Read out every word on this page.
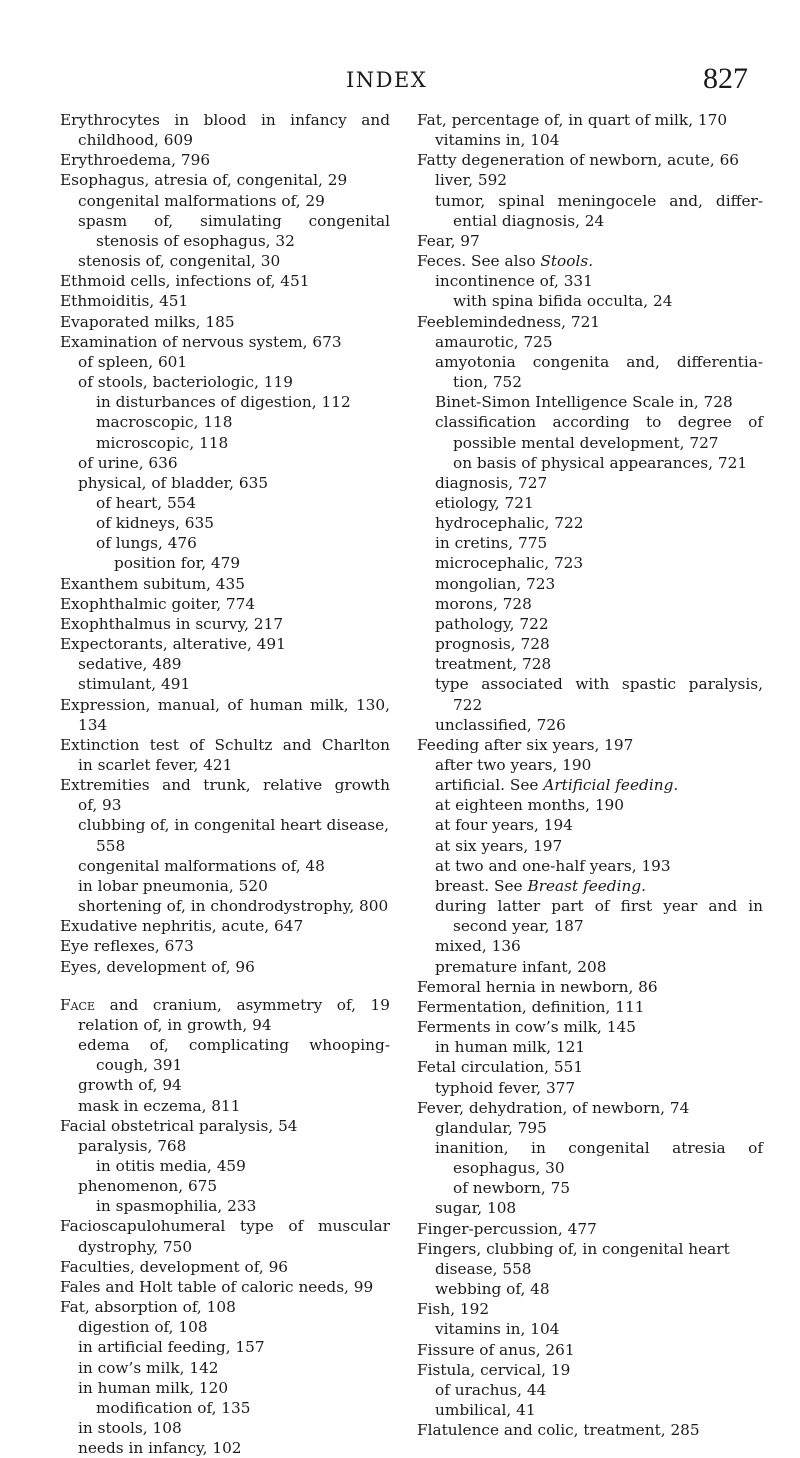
INDEX	827
Erythrocytes in blood in infancy and
childhood, 609
Erythroedema, 796
Esophagus, atresia of, congenital, 29
congenital malformations of, 29
spasm of, simulating congenital
stenosis of esophagus, 32
stenosis of, congenital, 30
Ethmoid cells, infections of, 451
Ethmoiditis, 451
Evaporated milks, 185
Examination of nervous system, 673
of spleen, 601
of stools, bacteriologic, 119
in disturbances of digestion, 112
macroscopic, 118
microscopic, 118
of urine, 636
physical, of bladder, 635
of heart, 554
of kidneys, 635
of lungs, 476
position for, 479
Exanthem subitum, 435
Exophthalmic goiter, 774
Exophthalmus in scurvy, 217
Expectorants, alterative, 491
sedative, 489
stimulant, 491
Expression, manual, of human milk, 130,
134
Extinction test of Schultz and Charlton
in scarlet fever, 421
Extremities and trunk, relative growth
of, 93
clubbing of, in congenital heart disease,
558
congenital malformations of, 48
in lobar pneumonia, 520
shortening of, in chondrodystrophy, 800
Exudative nephritis, acute, 647
Eye reflexes, 673
Eyes, development of, 96
Face and cranium, asymmetry of, 19
relation of, in growth, 94
edema of, complicating whooping-
cough, 391
growth of, 94
mask in eczema, 811
Facial obstetrical paralysis, 54
paralysis, 768
in otitis media, 459
phenomenon, 675
in spasmophilia, 233
Facioscapulohumeral type of muscular
dystrophy, 750
Faculties, development of, 96
Fales and Holt table of caloric needs, 99
Fat, absorption of, 108
digestion of, 108
in artificial feeding, 157
in cow’s milk, 142
in human milk, 120
modification of, 135
in stools, 108
needs in infancy, 102
Fat, percentage of, in quart of milk, 170
vitamins in, 104
Fatty degeneration of newborn, acute, 66
liver, 592
tumor, spinal meningocele and, differ-
ential diagnosis, 24
Fear, 97
Feces. See also Stools.
incontinence of, 331
with spina bifida occulta, 24
Feeblemindedness, 721
amaurotic, 725
amyotonia congenita and, differentia-
tion, 752
Binet-Simon Intelligence Scale in, 728
classification according to degree of
possible mental development, 727
on basis of physical appearances, 721
diagnosis, 727
etiology, 721
hydrocephalic, 722
in cretins, 775
microcephalic, 723
mongolian, 723
morons, 728
pathology, 722
prognosis, 728
treatment, 728
type associated with spastic paralysis,
722
unclassified, 726
Feeding after six years, 197
after two years, 190
artificial. See Artificial feeding.
at eighteen months, 190
at four years, 194
at six years, 197
at two and one-half years, 193
breast. See Breast feeding.
during latter part of first year and in
second year, 187
mixed, 136
premature infant, 208
Femoral hernia in newborn, 86
Fermentation, definition, 111
Ferments in cow’s milk, 145
in human milk, 121
Fetal circulation, 551
typhoid fever, 377
Fever, dehydration, of newborn, 74
glandular, 795
inanition, in congenital atresia of
esophagus, 30
of newborn, 75
sugar, 108
Finger-percussion, 477
Fingers, clubbing of, in congenital heart
disease, 558
webbing of, 48
Fish, 192
vitamins in, 104
Fissure of anus, 261
Fistula, cervical, 19
of urachus, 44
umbilical, 41
Flatulence and colic, treatment, 285
